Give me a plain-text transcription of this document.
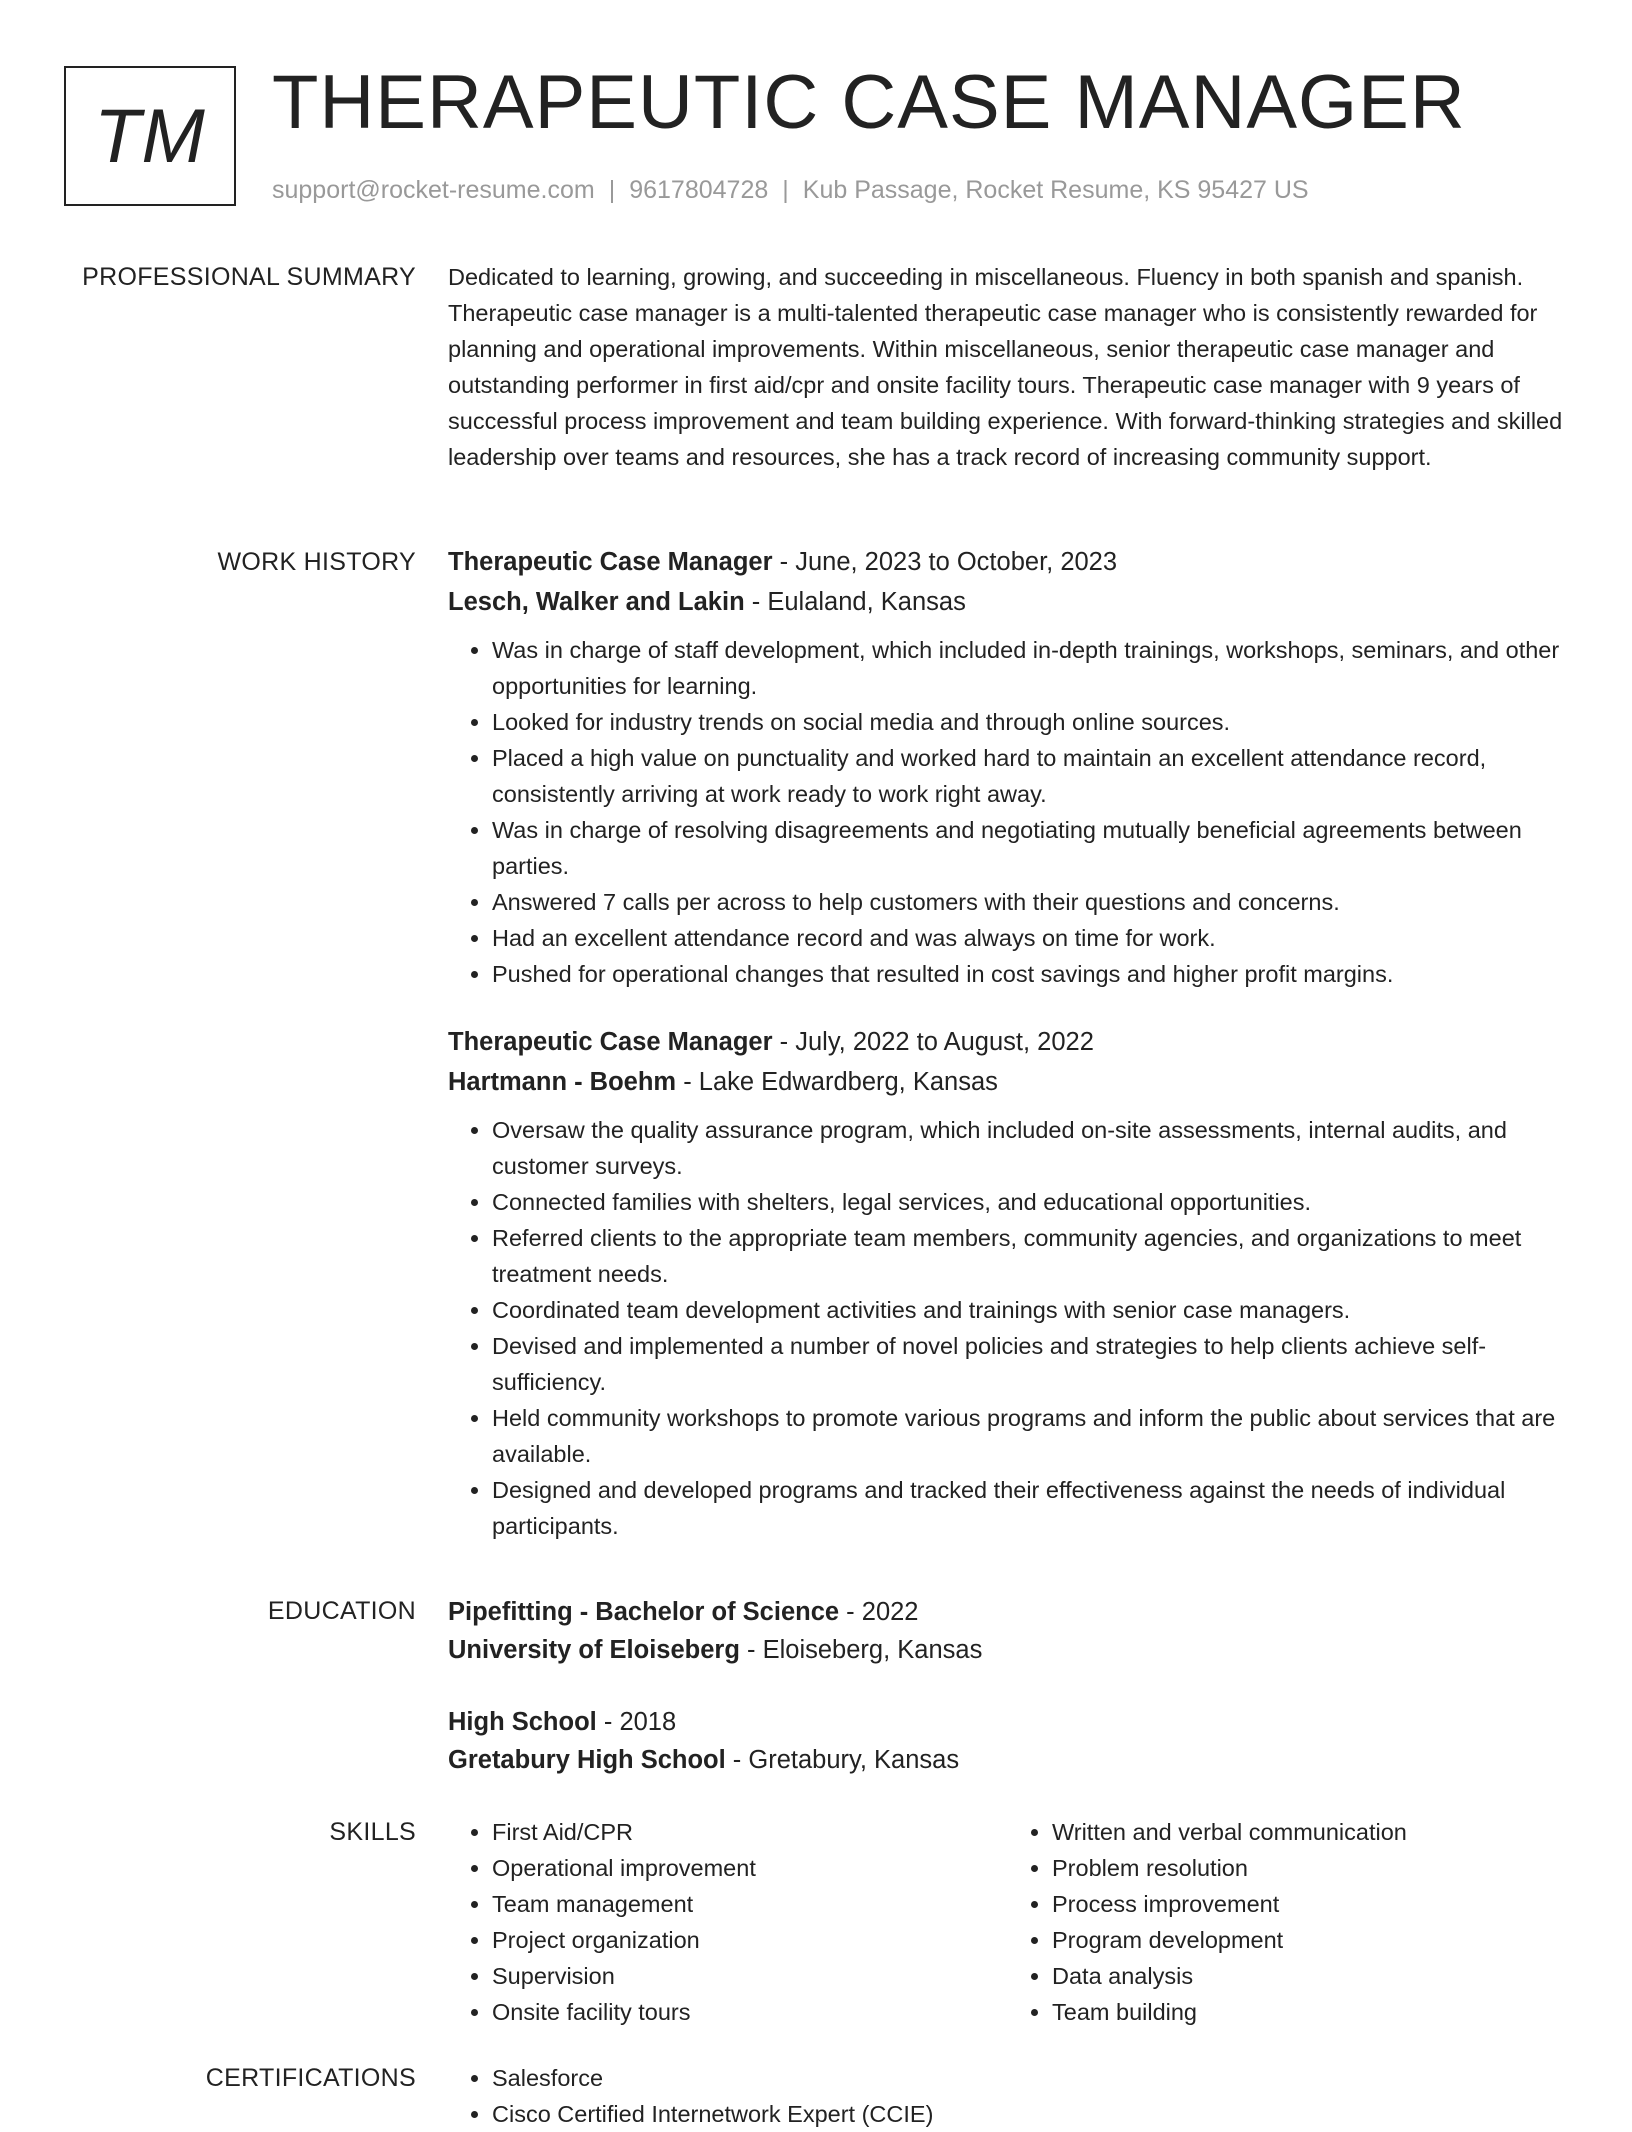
TM THERAPEUTIC CASE MANAGER
support@rocket-resume.com | 9617804728 | Kub Passage, Rocket Resume, KS 95427 US
PROFESSIONAL SUMMARY Dedicated to learning, growing, and succeeding in miscellaneous. Fluency in both spanish and spanish. Therapeutic case manager is a multi-talented therapeutic case manager who is consistently rewarded for planning and operational improvements. Within miscellaneous, senior therapeutic case manager and outstanding performer in first aid/cpr and onsite facility tours. Therapeutic case manager with 9 years of successful process improvement and team building experience. With forward-thinking strategies and skilled leadership over teams and resources, she has a track record of increasing community support.

WORK HISTORY Therapeutic Case Manager - June, 2023 to October, 2023
Lesch, Walker and Lakin - Eulaland, Kansas
• Was in charge of staff development, which included in-depth trainings, workshops, seminars, and other opportunities for learning.
• Looked for industry trends on social media and through online sources.
• Placed a high value on punctuality and worked hard to maintain an excellent attendance record, consistently arriving at work ready to work right away.
• Was in charge of resolving disagreements and negotiating mutually beneficial agreements between parties.
• Answered 7 calls per across to help customers with their questions and concerns.
• Had an excellent attendance record and was always on time for work.
• Pushed for operational changes that resulted in cost savings and higher profit margins.
Therapeutic Case Manager - July, 2022 to August, 2022
Hartmann - Boehm - Lake Edwardberg, Kansas
• Oversaw the quality assurance program, which included on-site assessments, internal audits, and customer surveys.
• Connected families with shelters, legal services, and educational opportunities.
• Referred clients to the appropriate team members, community agencies, and organizations to meet treatment needs.
• Coordinated team development activities and trainings with senior case managers.
• Devised and implemented a number of novel policies and strategies to help clients achieve self-sufficiency.
• Held community workshops to promote various programs and inform the public about services that are available.
• Designed and developed programs and tracked their effectiveness against the needs of individual participants.
EDUCATION Pipefitting - Bachelor of Science - 2022
University of Eloiseberg - Eloiseberg, Kansas
High School - 2018
Gretabury High School - Gretabury, Kansas
SKILLS	• First Aid/CPR
• Operational improvement
• Team management
• Project organization
• Supervision
• Onsite facility tours
• Written and verbal communication
• Problem resolution
• Process improvement
• Program development
• Data analysis
• Team building
CERTIFICATIONS	• Salesforce
• Cisco Certified Internetwork Expert (CCIE)
